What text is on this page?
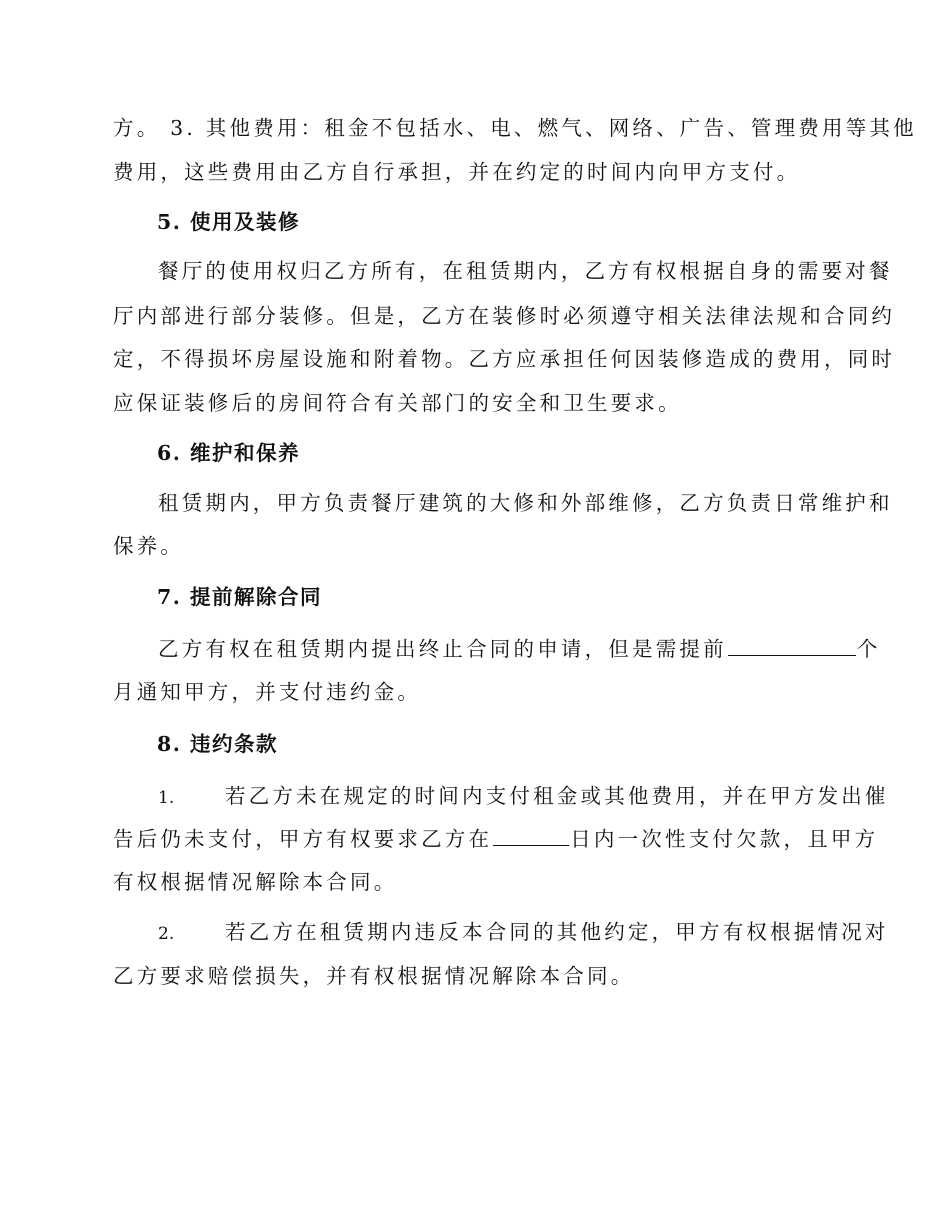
方。 3. 其他费用：租金不包括水、电、燃气、网络、广告、管理费用等其他
费用，这些费用由乙方自行承担，并在约定的时间内向甲方支付。
5. 使用及装修
餐厅的使用权归乙方所有，在租赁期内，乙方有权根据自身的需要对餐
厅内部进行部分装修。但是，乙方在装修时必须遵守相关法律法规和合同约
定，不得损坏房屋设施和附着物。乙方应承担任何因装修造成的费用，同时
应保证装修后的房间符合有关部门的安全和卫生要求。
6. 维护和保养
租赁期内，甲方负责餐厅建筑的大修和外部维修，乙方负责日常维护和
保养。
7. 提前解除合同
乙方有权在租赁期内提出终止合同的申请，但是需提前	个
月通知甲方，并支付违约金。
8. 违约条款
1. 若乙方未在规定的时间内支付租金或其他费用，并在甲方发出催
告后仍未支付，甲方有权要求乙方在	日内一次性支付欠款，且甲方
有权根据情况解除本合同。
2. 若乙方在租赁期内违反本合同的其他约定，甲方有权根据情况对
乙方要求赔偿损失，并有权根据情况解除本合同。
